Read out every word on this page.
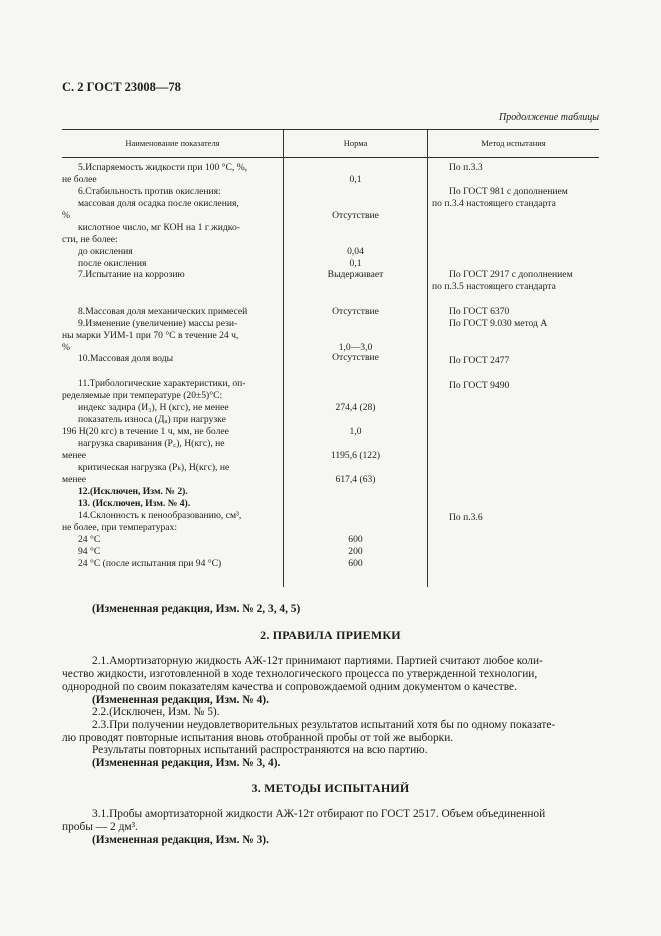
С. 2 ГОСТ 23008—78
Продолжение таблицы
Наименование показателя	Норма	Метод испытания
5.Испаряемость жидкости при 100 °С, %,
не более
6.Стабильность против окисления:
массовая доля осадка после окисления,
%
кислотное число, мг КОН на 1 г жидко-
сти, не более:
до окисления
после окисления
7.Испытание на коррозию
8.Массовая доля механических примесей
9.Изменение (увеличение) массы рези-
ны марки УИМ-1 при 70 °С в течение 24 ч,
%
10.Массовая доля воды
11.Трибологические характеристики, оп-
ределяемые при температуре (20±5)°С:
индекс задира (И₃), Н (кгс), не менее
показатель износа (Дᵤ) при нагрузке
196 Н(20 кгс) в течение 1 ч, мм, не более
нагрузка сваривания (Р꜀), Н(кгс), не
менее
критическая нагрузка (Рₖ), Н(кгс), не
менее
12.(Исключен, Изм. № 2).
13. (Исключен, Изм. № 4).
14.Склонность к пенообразованию, см³,
не более, при температурах:
24 °С
94 °С
24 °С (после испытания при 94 °С)
0,1
Отсутствие
0,04
0,1
Выдерживает
Отсутствие
1,0—3,0
Отсутствие
274,4 (28)
1,0
1195,6 (122)
617,4 (63)
600
200
600
По п.3.3
По ГОСТ 981 с дополнением
по п.3.4 настоящего стандарта
По ГОСТ 2917 с дополнением
по п.3.5 настоящего стандарта
По ГОСТ 6370
По ГОСТ 9.030 метод А
По ГОСТ 2477
По ГОСТ 9490
По п.3.6
(Измененная редакция, Изм. № 2, 3, 4, 5)
2. ПРАВИЛА ПРИЕМКИ
2.1.Амортизаторную жидкость АЖ-12т принимают партиями. Партией считают любое коли-
чество жидкости, изготовленной в ходе технологического процесса по утвержденной технологии,
однородной по своим показателям качества и сопровождаемой одним документом о качестве.
(Измененная редакция, Изм. № 4).
2.2.(Исключен, Изм. № 5).
2.3.При получении неудовлетворительных результатов испытаний хотя бы по одному показате-
лю проводят повторные испытания вновь отобранной пробы от той же выборки.
Результаты повторных испытаний распространяются на всю партию.
(Измененная редакция, Изм. № 3, 4).
3. МЕТОДЫ ИСПЫТАНИЙ
3.1.Пробы амортизаторной жидкости АЖ-12т отбирают по ГОСТ 2517. Объем объединенной
пробы — 2 дм³.
(Измененная редакция, Изм. № 3).
